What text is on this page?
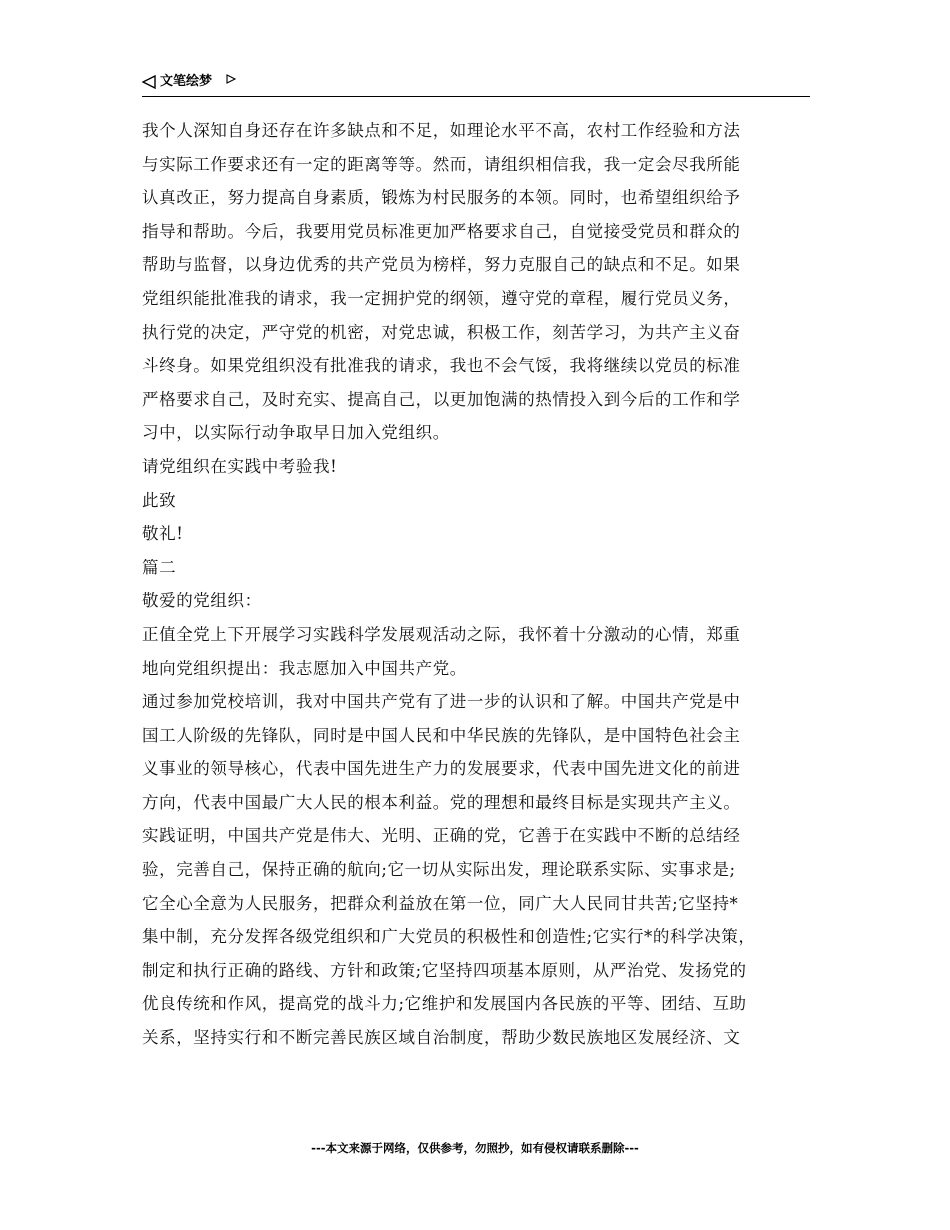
文笔绘梦
我个人深知自身还存在许多缺点和不足，如理论水平不高，农村工作经验和方法
与实际工作要求还有一定的距离等等。然而，请组织相信我，我一定会尽我所能
认真改正，努力提高自身素质，锻炼为村民服务的本领。同时，也希望组织给予
指导和帮助。今后，我要用党员标准更加严格要求自己，自觉接受党员和群众的
帮助与监督，以身边优秀的共产党员为榜样，努力克服自己的缺点和不足。如果
党组织能批准我的请求，我一定拥护党的纲领，遵守党的章程，履行党员义务，
执行党的决定，严守党的机密，对党忠诚，积极工作，刻苦学习，为共产主义奋
斗终身。如果党组织没有批准我的请求，我也不会气馁，我将继续以党员的标准
严格要求自己，及时充实、提高自己，以更加饱满的热情投入到今后的工作和学
习中，以实际行动争取早日加入党组织。
请党组织在实践中考验我!
此致
敬礼!
篇二
敬爱的党组织：
正值全党上下开展学习实践科学发展观活动之际，我怀着十分激动的心情，郑重
地向党组织提出：我志愿加入中国共产党。
通过参加党校培训，我对中国共产党有了进一步的认识和了解。中国共产党是中
国工人阶级的先锋队，同时是中国人民和中华民族的先锋队，是中国特色社会主
义事业的领导核心，代表中国先进生产力的发展要求，代表中国先进文化的前进
方向，代表中国最广大人民的根本利益。党的理想和最终目标是实现共产主义。
实践证明，中国共产党是伟大、光明、正确的党，它善于在实践中不断的总结经
验，完善自己，保持正确的航向;它一切从实际出发，理论联系实际、实事求是;
它全心全意为人民服务，把群众利益放在第一位，同广大人民同甘共苦;它坚持*
集中制，充分发挥各级党组织和广大党员的积极性和创造性;它实行*的科学决策，
制定和执行正确的路线、方针和政策;它坚持四项基本原则，从严治党、发扬党的
优良传统和作风，提高党的战斗力;它维护和发展国内各民族的平等、团结、互助
关系，坚持实行和不断完善民族区域自治制度，帮助少数民族地区发展经济、文
---本文来源于网络，仅供参考，勿照抄，如有侵权请联系删除---
